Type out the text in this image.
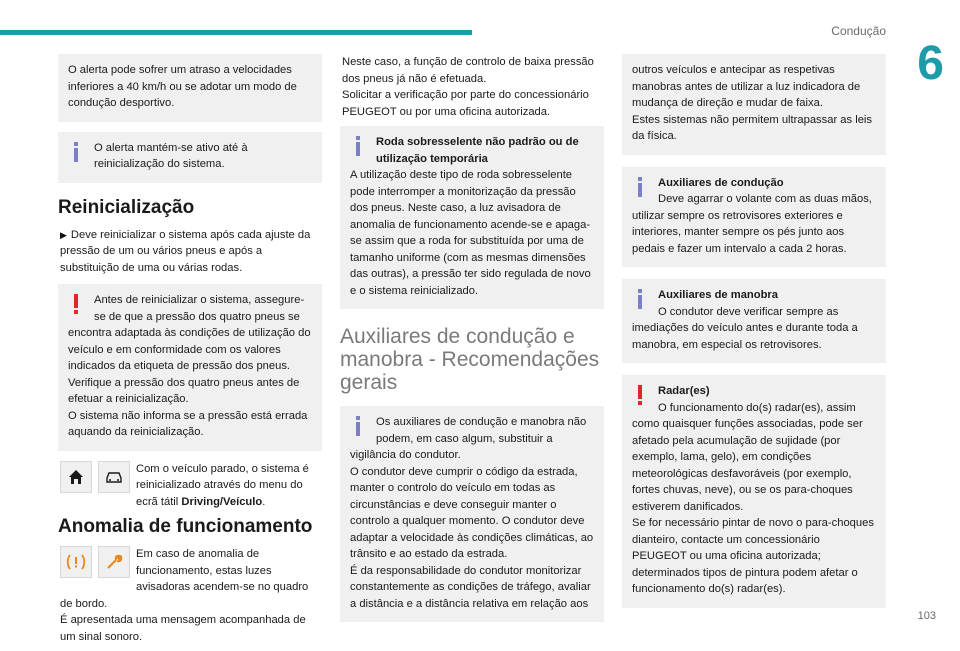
Condução
6
O alerta pode sofrer um atraso a velocidades inferiores a 40 km/h ou se adotar um modo de condução desportivo.
O alerta mantém-se ativo até à reinicialização do sistema.
Reinicialização

▶ Deve reinicializar o sistema após cada ajuste da pressão de um ou vários pneus e após a substituição de uma ou várias rodas.

Antes de reinicializar o sistema, assegure-se de que a pressão dos quatro pneus se encontra adaptada às condições de utilização do veículo e em conformidade com os valores indicados da etiqueta de pressão dos pneus. Verifique a pressão dos quatro pneus antes de efetuar a reinicialização.
O sistema não informa se a pressão está errada aquando da reinicialização.
Com o veículo parado, o sistema é reinicializado através do menu do ecrã tátil Driving/Veículo.
Anomalia de funcionamento
Em caso de anomalia de funcionamento, estas luzes avisadoras acendem-se no quadro de bordo.
É apresentada uma mensagem acompanhada de um sinal sonoro.

Neste caso, a função de controlo de baixa pressão dos pneus já não é efetuada.
Solicitar a verificação por parte do concessionário PEUGEOT ou por uma oficina autorizada.

Roda sobresselente não padrão ou de utilização temporária
A utilização deste tipo de roda sobresselente pode interromper a monitorização da pressão dos pneus. Neste caso, a luz avisadora de anomalia de funcionamento acende-se e apaga-se assim que a roda for substituída por uma de tamanho uniforme (com as mesmas dimensões das outras), a pressão ter sido regulada de novo e o sistema reinicializado.
Auxiliares de condução e manobra - Recomendações gerais
Os auxiliares de condução e manobra não podem, em caso algum, substituir a vigilância do condutor.
O condutor deve cumprir o código da estrada, manter o controlo do veículo em todas as circunstâncias e deve conseguir manter o controlo a qualquer momento. O condutor deve adaptar a velocidade às condições climáticas, ao trânsito e ao estado da estrada.
É da responsabilidade do condutor monitorizar constantemente as condições de tráfego, avaliar a distância e a distância relativa em relação aos
outros veículos e antecipar as respetivas manobras antes de utilizar a luz indicadora de mudança de direção e mudar de faixa.
Estes sistemas não permitem ultrapassar as leis da física.
Auxiliares de condução
Deve agarrar o volante com as duas mãos, utilizar sempre os retrovisores exteriores e interiores, manter sempre os pés junto aos pedais e fazer um intervalo a cada 2 horas.
Auxiliares de manobra
O condutor deve verificar sempre as imediações do veículo antes e durante toda a manobra, em especial os retrovisores.
Radar(es)
O funcionamento do(s) radar(es), assim como quaisquer funções associadas, pode ser afetado pela acumulação de sujidade (por exemplo, lama, gelo), em condições meteorológicas desfavoráveis (por exemplo, fortes chuvas, neve), ou se os para-choques estiverem danificados.
Se for necessário pintar de novo o para-choques dianteiro, contacte um concessionário PEUGEOT ou uma oficina autorizada; determinados tipos de pintura podem afetar o funcionamento do(s) radar(es).
103
